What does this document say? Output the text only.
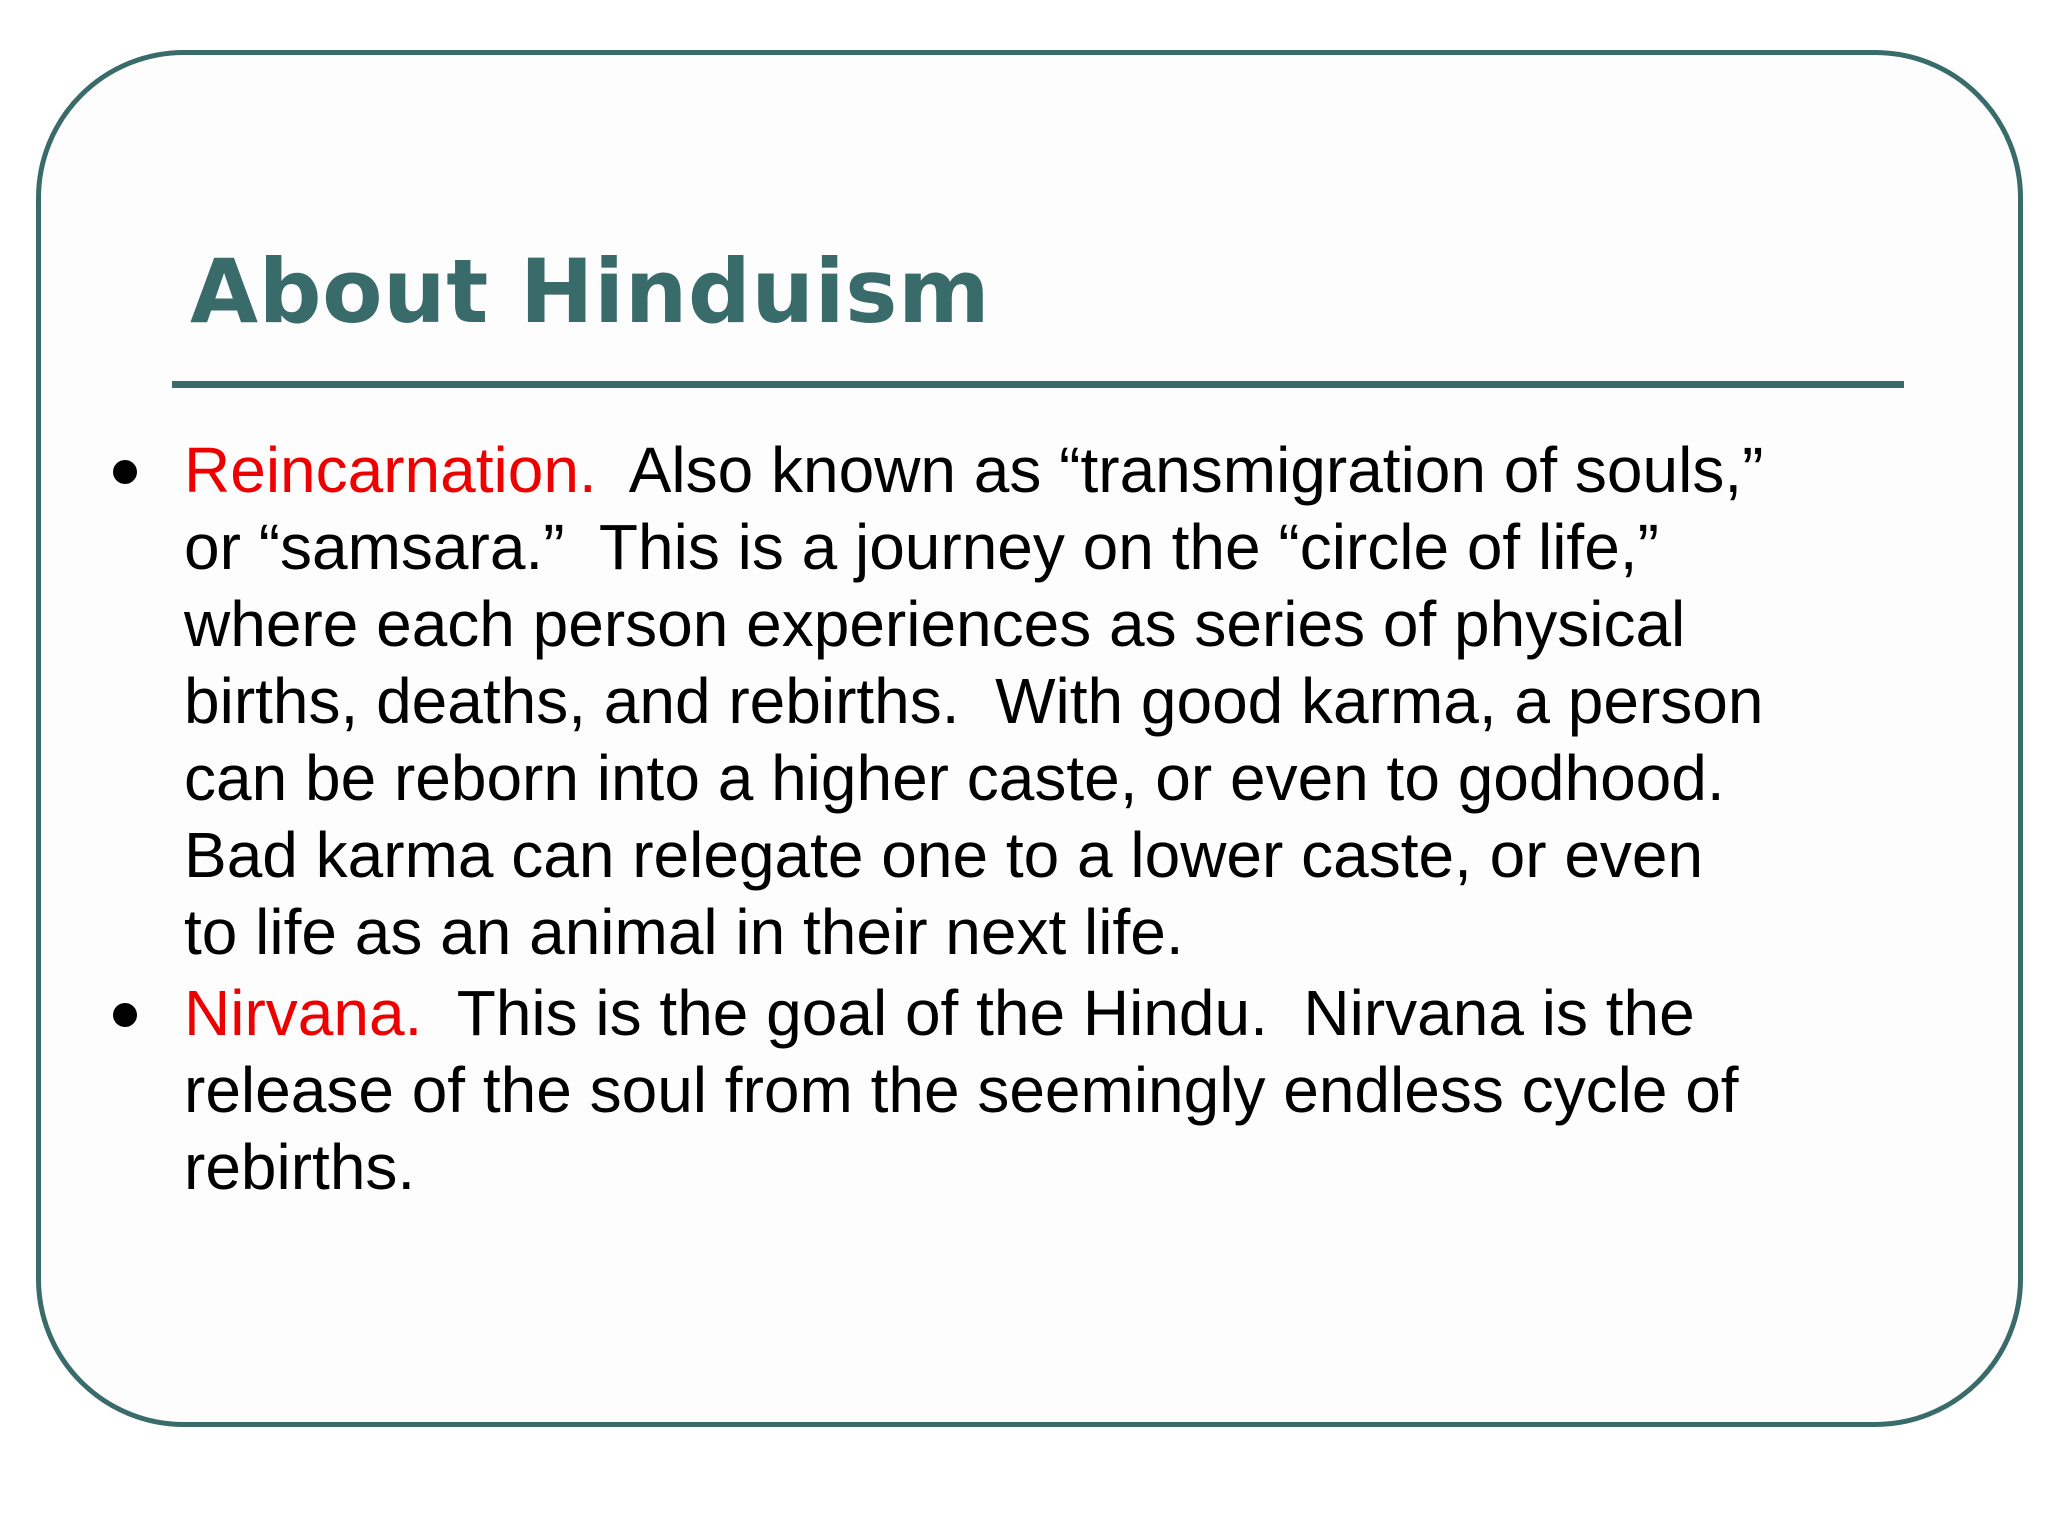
About Hinduism
Reincarnation.  Also known as “transmigration of souls,”
or “samsara.”  This is a journey on the “circle of life,”
where each person experiences as series of physical
births, deaths, and rebirths.  With good karma, a person
can be reborn into a higher caste, or even to godhood.
Bad karma can relegate one to a lower caste, or even
to life as an animal in their next life.
Nirvana.  This is the goal of the Hindu.  Nirvana is the
release of the soul from the seemingly endless cycle of
rebirths.
